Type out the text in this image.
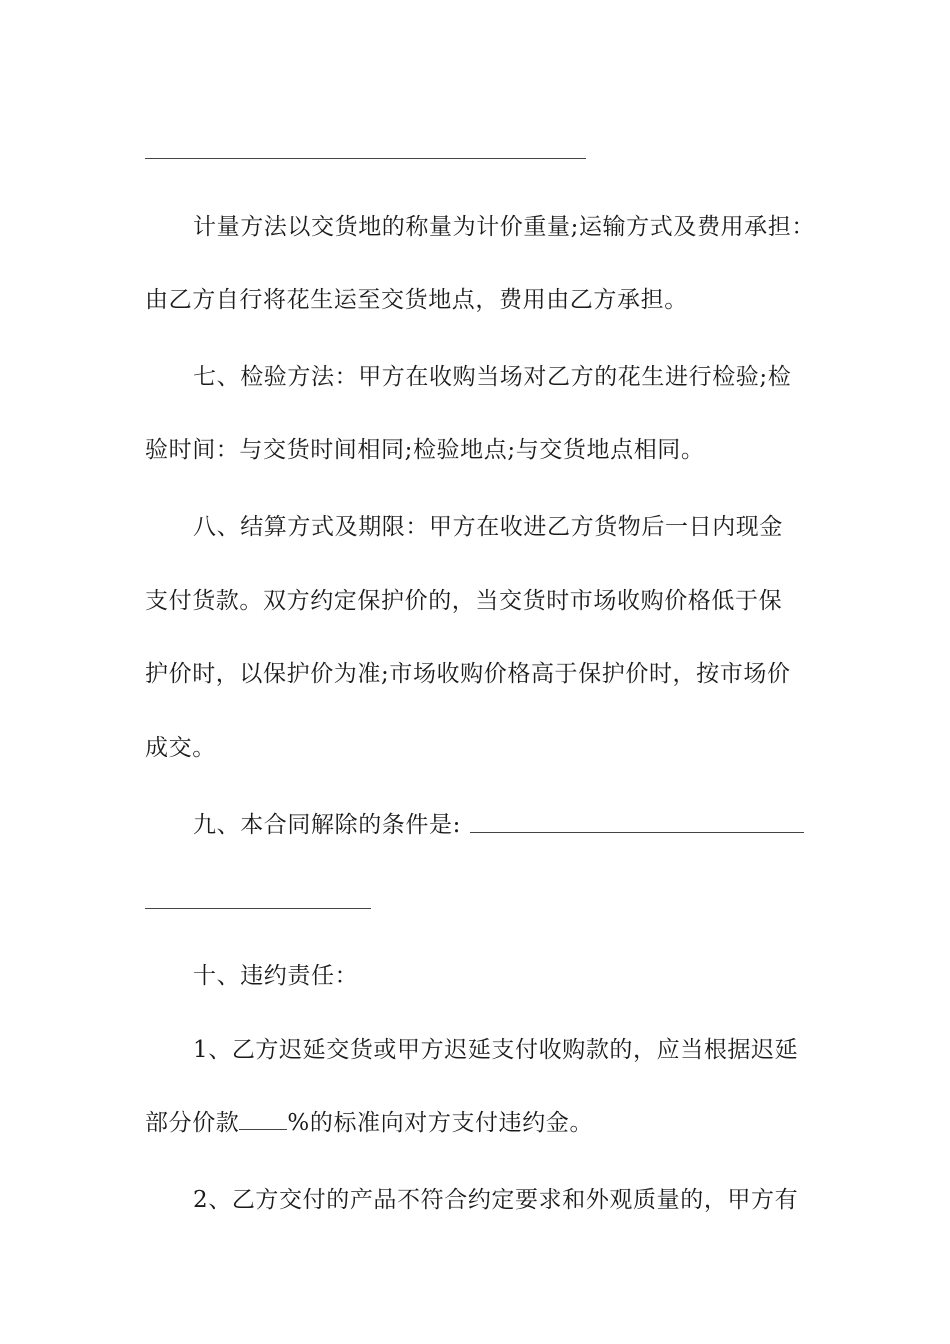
计量方法以交货地的称量为计价重量;运输方式及费用承担：
由乙方自行将花生运至交货地点，费用由乙方承担。
七、检验方法：甲方在收购当场对乙方的花生进行检验;检
验时间：与交货时间相同;检验地点;与交货地点相同。
八、结算方式及期限：甲方在收进乙方货物后一日内现金
支付货款。双方约定保护价的，当交货时市场收购价格低于保
护价时，以保护价为准;市场收购价格高于保护价时，按市场价
成交。
九、本合同解除的条件是:
十、违约责任：
1、乙方迟延交货或甲方迟延支付收购款的，应当根据迟延
部分价款 %的标准向对方支付违约金。
2、乙方交付的产品不符合约定要求和外观质量的，甲方有
